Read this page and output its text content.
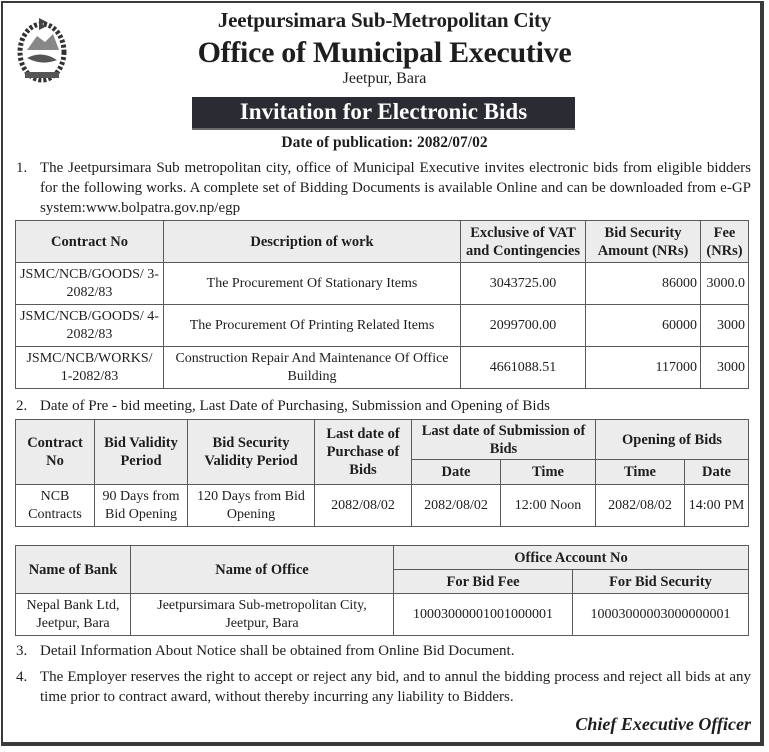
Jeetpursimara Sub-Metropolitan City
Office of Municipal Executive
Jeetpur, Bara
Invitation for Electronic Bids
Date of publication: 2082/07/02
1. The Jeetpursimara Sub metropolitan city, office of Municipal Executive invites electronic bids from eligible bidders for the following works. A complete set of Bidding Documents is available Online and can be downloaded from e-GP system:www.bolpatra.gov.np/egp
Contract No	Description of work	Exclusive of VAT and Contingencies	Bid Security Amount (NRs)	Fee (NRs)
JSMC/NCB/GOODS/ 3-2082/83	The Procurement Of Stationary Items	3043725.00	86000	3000.0
JSMC/NCB/GOODS/ 4-2082/83	The Procurement Of Printing Related Items	2099700.00	60000	3000
JSMC/NCB/WORKS/ 1-2082/83	Construction Repair And Maintenance Of Office Building	4661088.51	117000	3000
2. Date of Pre - bid meeting, Last Date of Purchasing, Submission and Opening of Bids
Contract No	Bid Validity Period	Bid Security Validity Period	Last date of Purchase of Bids	Last date of Submission of Bids		Opening of Bids	
				Date	Time	Time	Date
NCB Contracts	90 Days from Bid Opening	120 Days from Bid Opening	2082/08/02	2082/08/02	12:00 Noon	2082/08/02	14:00 PM
Name of Bank	Name of Office	Office Account No	
		For Bid Fee	For Bid Security
Nepal Bank Ltd, Jeetpur, Bara	Jeetpursimara Sub-metropolitan City, Jeetpur, Bara	10003000001001000001	10003000003000000001
3. Detail Information About Notice shall be obtained from Online Bid Document.
4. The Employer reserves the right to accept or reject any bid, and to annul the bidding process and reject all bids at any time prior to contract award, without thereby incurring any liability to Bidders.
Chief Executive Officer
